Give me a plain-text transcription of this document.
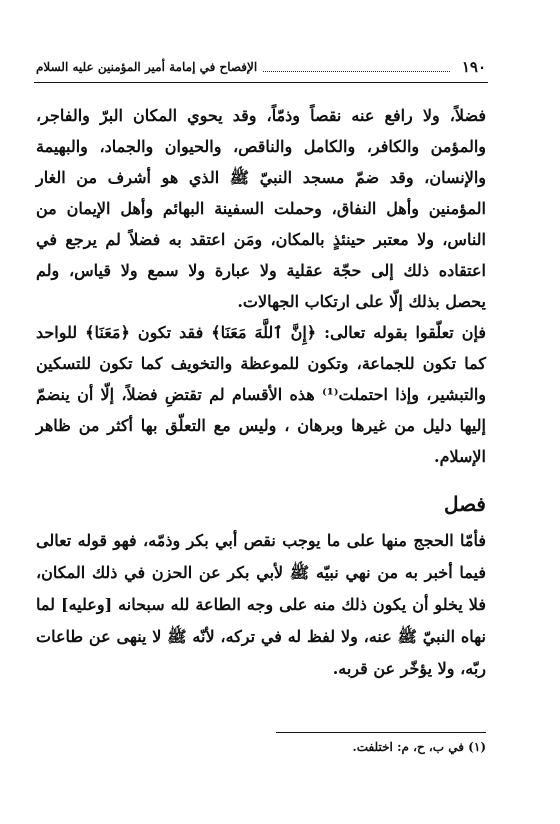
١٩٠
الإفصاح في إمامة أمير المؤمنين عليه السلام

فضلاً، ولا رافع عنه نقصاً وذمّاً، وقد يحوي المكان البرّ والفاجر، والمؤمن والكافر، والكامل والناقص، والحيوان والجماد، والبهيمة والإنسان، وقد ضمّ مسجد النبيّ ﷺ الذي هو أشرف من الغار المؤمنين وأهل النفاق، وحملت السفينة البهائم وأهل الإيمان من الناس، ولا معتبر حينئذٍ بالمكان، ومَن اعتقد به فضلاً لم يرجع في اعتقاده ذلك إلى حجّة عقلية ولا عبارة ولا سمع ولا قياس، ولم يحصل بذلك إلّا على ارتكاب الجهالات.

فإن تعلّقوا بقوله تعالى: ﴿إِنَّ ٱللَّهَ مَعَنَا﴾ فقد تكون ﴿مَعَنَا﴾ للواحد كما تكون للجماعة، وتكون للموعظة والتخويف كما تكون للتسكين والتبشير، وإذا احتملت⁽¹⁾ هذه الأقسام لم تقتضِ فضلاً، إلّا أن ينضمّ إليها دليل من غيرها وبرهان ، وليس مع التعلّق بها أكثر من ظاهر الإسلام.

فصل
فأمّا الحجج منها على ما يوجب نقص أبي بكر وذمّه، فهو قوله تعالى فيما أخبر به من نهي نبيّه ﷺ لأبي بكر عن الحزن في ذلك المكان، فلا يخلو أن يكون ذلك منه على وجه الطاعة لله سبحانه [وعليه] لما نهاه النبيّ ﷺ عنه، ولا لفظ له في تركه، لأنّه ﷺ لا ينهى عن طاعات ربّه، ولا يؤخّر عن قربه.
(١) في ب، ح، م: اختلفت.
